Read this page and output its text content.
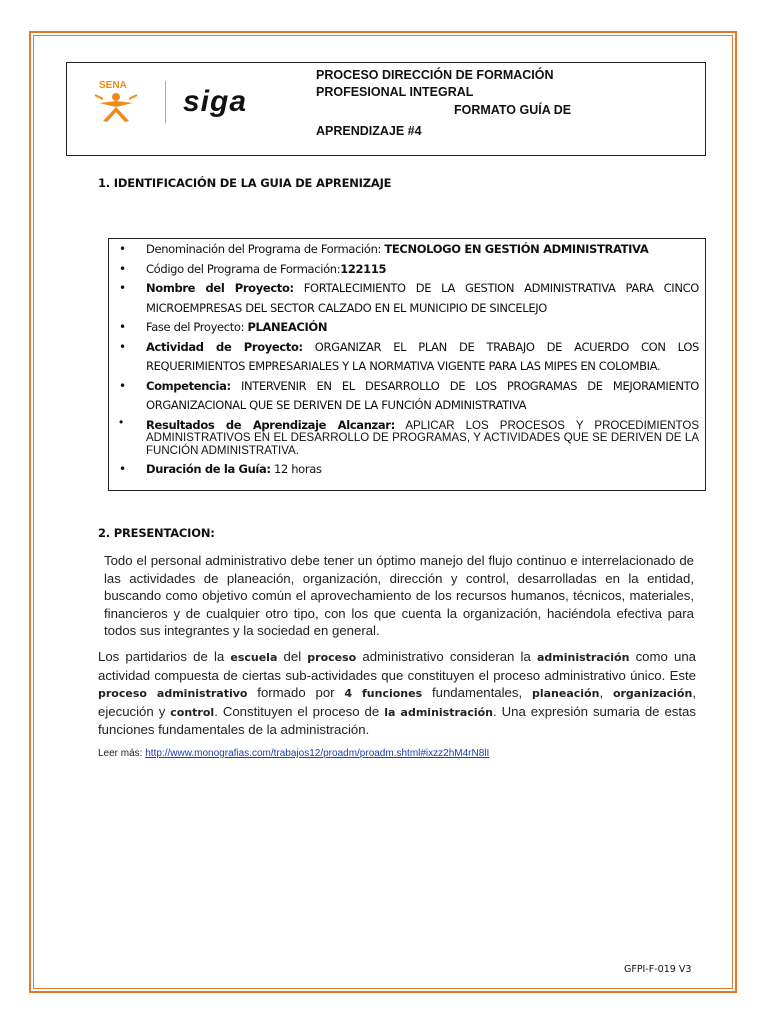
SENA siga
PROCESO DIRECCIÓN DE FORMACIÓN
PROFESIONAL INTEGRAL
FORMATO GUÍA DE
APRENDIZAJE #4
1. IDENTIFICACIÓN DE LA GUIA DE APRENIZAJE
• Denominación del Programa de Formación: TECNOLOGO EN GESTIÓN ADMINISTRATIVA
• Código del Programa de Formación:122115
• Nombre del Proyecto: FORTALECIMIENTO DE LA GESTION ADMINISTRATIVA PARA CINCO MICROEMPRESAS DEL SECTOR CALZADO EN EL MUNICIPIO DE SINCELEJO
• Fase del Proyecto: PLANEACIÓN
• Actividad de Proyecto: ORGANIZAR EL PLAN DE TRABAJO DE ACUERDO CON LOS REQUERIMIENTOS EMPRESARIALES Y LA NORMATIVA VIGENTE PARA LAS MIPES EN COLOMBIA.
• Competencia: INTERVENIR EN EL DESARROLLO DE LOS PROGRAMAS DE MEJORAMIENTO ORGANIZACIONAL QUE SE DERIVEN DE LA FUNCIÓN ADMINISTRATIVA
• Resultados de Aprendizaje Alcanzar: APLICAR LOS PROCESOS Y PROCEDIMIENTOS ADMINISTRATIVOS EN EL DESARROLLO DE PROGRAMAS, Y ACTIVIDADES QUE SE DERIVEN DE LA FUNCIÓN ADMINISTRATIVA.
• Duración de la Guía: 12 horas
2. PRESENTACION:
Todo el personal administrativo debe tener un óptimo manejo del flujo continuo e interrelacionado de las actividades de planeación, organización, dirección y control, desarrolladas en la entidad, buscando como objetivo común el aprovechamiento de los recursos humanos, técnicos, materiales, financieros y de cualquier otro tipo, con los que cuenta la organización, haciéndola efectiva para todos sus integrantes y la sociedad en general.
Los partidarios de la escuela del proceso administrativo consideran la administración como una actividad compuesta de ciertas sub-actividades que constituyen el proceso administrativo único. Este proceso administrativo formado por 4 funciones fundamentales, planeación, organización, ejecución y control. Constituyen el proceso de la administración. Una expresión sumaria de estas funciones fundamentales de la administración.
Leer más: http://www.monografias.com/trabajos12/proadm/proadm.shtml#ixzz2hM4rN8lI
GFPI-F-019 V3
